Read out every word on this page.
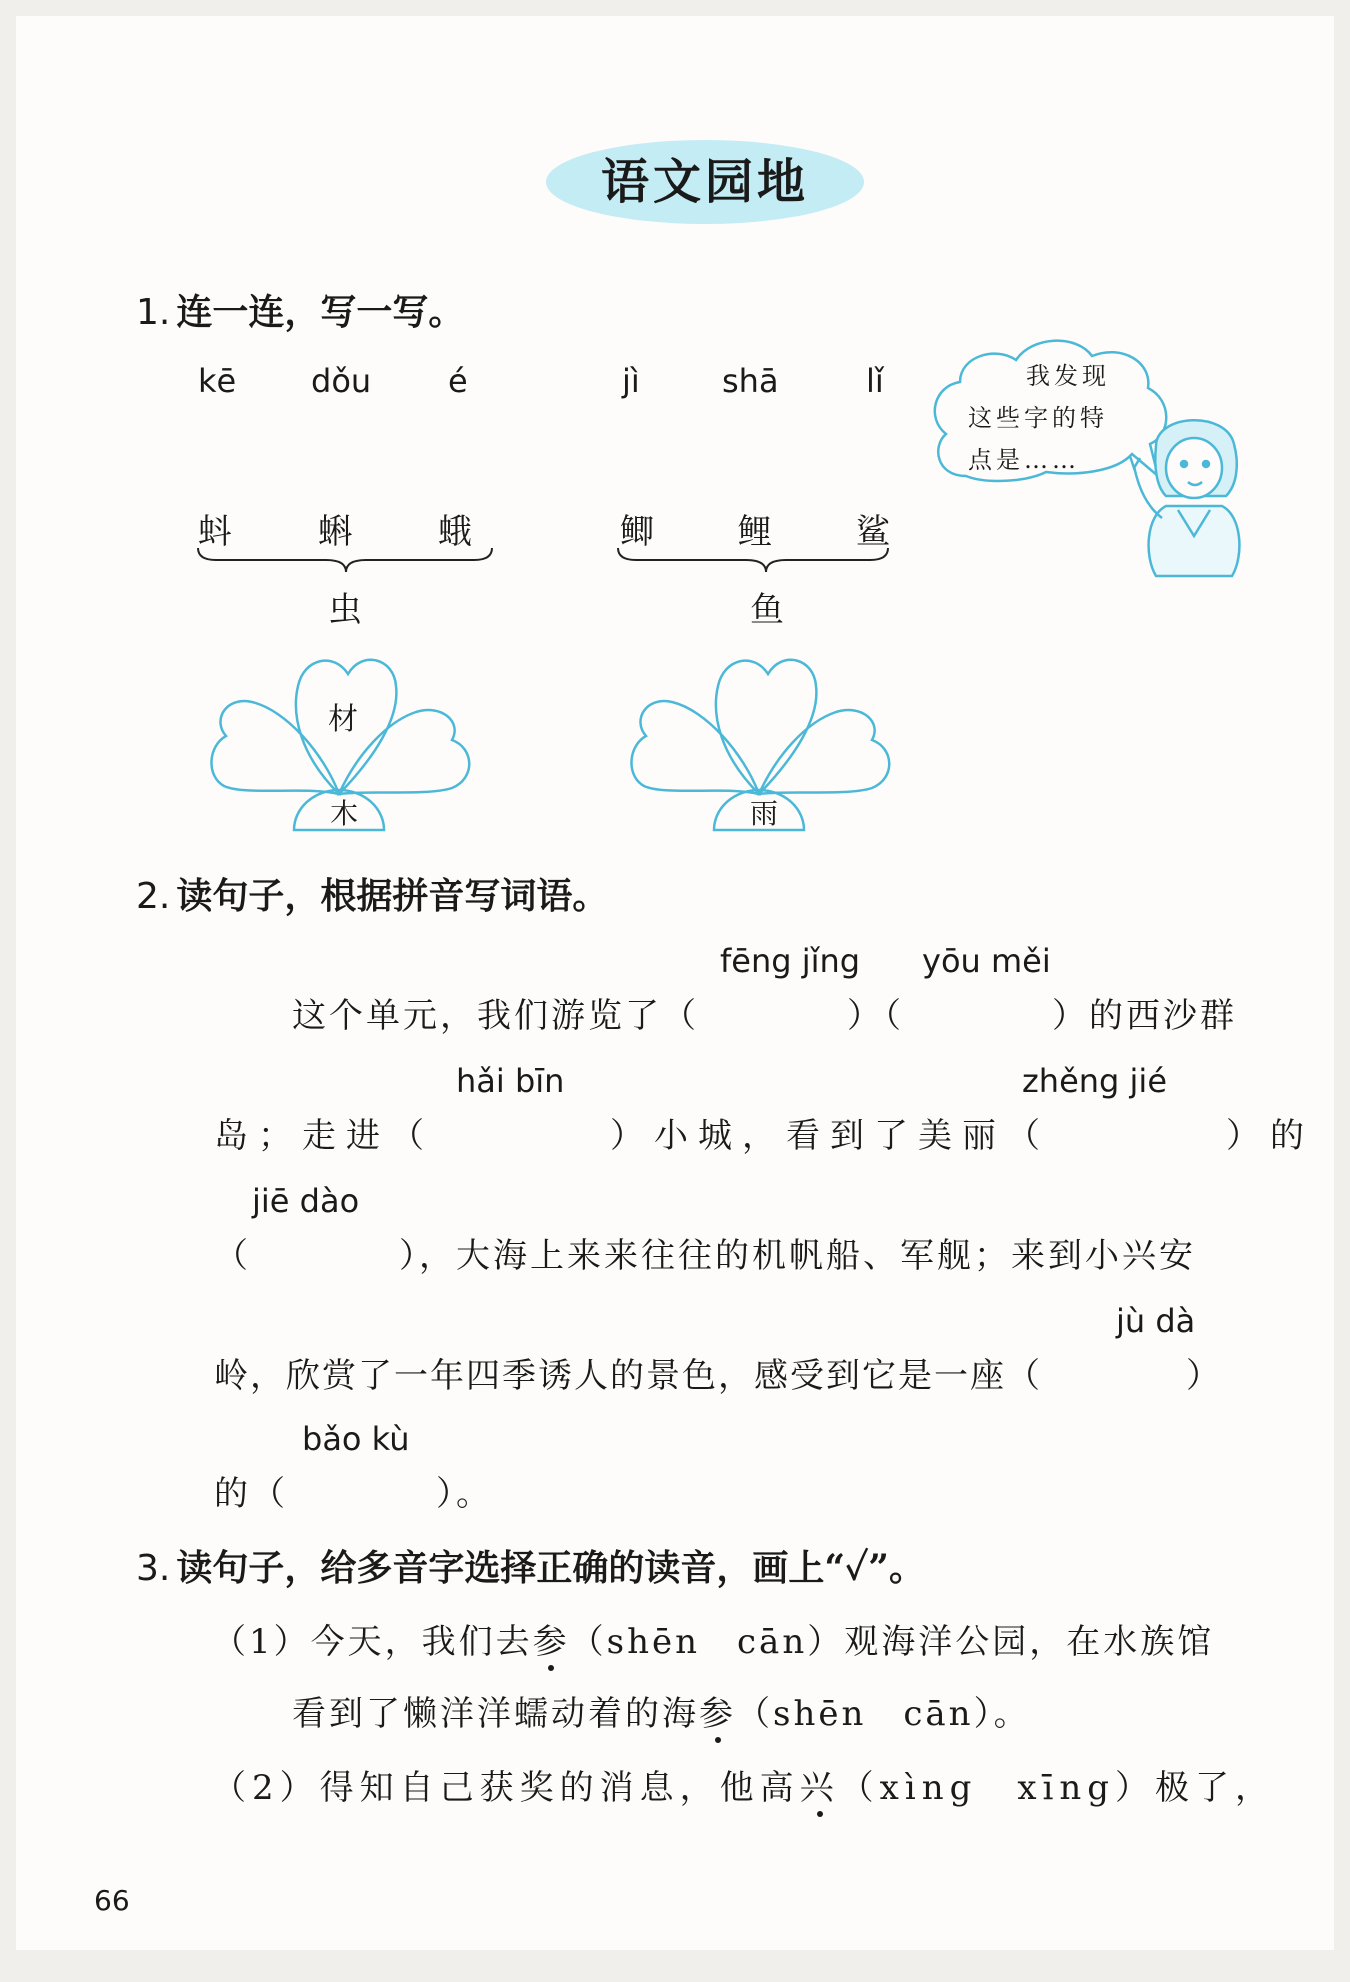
语文园地
1. 连一连，写一写。
kē dǒu é	jì	shā	lǐ
蚪	蝌	蛾	鲫 鲤 鲨
虫	鱼
材
木	雨
我发现
这些字的特
点是……
2. 读句子，根据拼音写词语。
fēng jǐng yōu měi
这个单元，我们游览了（　　　　）（　　　　）的西沙群
hǎi bīn	zhěng jié
岛；走进（　　　　）小城，看到了美丽（　　　　）的
jiē dào
（　　　　），大海上来来往往的机帆船、军舰；来到小兴安
jù dà
岭，欣赏了一年四季诱人的景色，感受到它是一座（　　　　）
bǎo kù
的（　　　　）。
3. 读句子，给多音字选择正确的读音，画上“✓”。
（1）今天，我们去参（shēn　cān）观海洋公园，在水族馆
看到了懒洋洋蠕动着的海参（shēn　cān）。
（2）得知自己获奖的消息，他高兴（xìng　xīng）极了，
66
